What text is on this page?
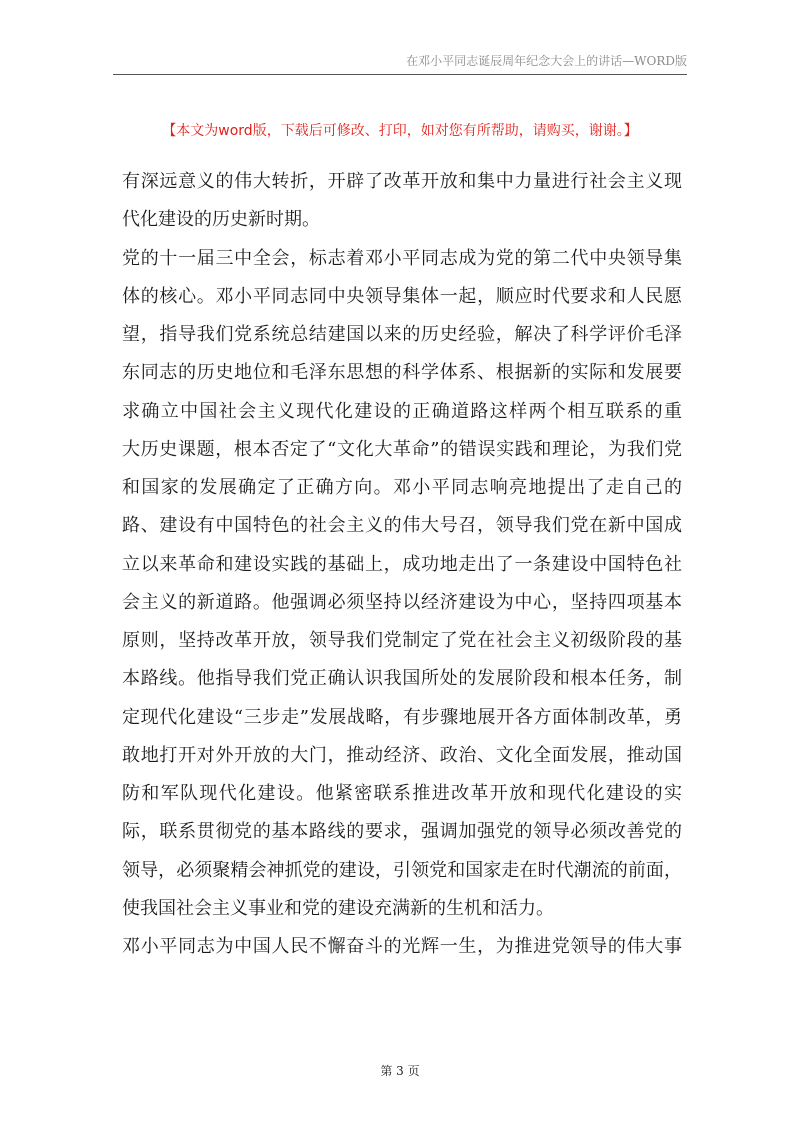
在邓小平同志诞辰周年纪念大会上的讲话—WORD版
【本文为word版，下载后可修改、打印，如对您有所帮助，请购买，谢谢。】
有深远意义的伟大转折，开辟了改革开放和集中力量进行社会主义现
代化建设的历史新时期。
党的十一届三中全会，标志着邓小平同志成为党的第二代中央领导集
体的核心。邓小平同志同中央领导集体一起，顺应时代要求和人民愿
望，指导我们党系统总结建国以来的历史经验，解决了科学评价毛泽
东同志的历史地位和毛泽东思想的科学体系、根据新的实际和发展要
求确立中国社会主义现代化建设的正确道路这样两个相互联系的重
大历史课题，根本否定了“文化大革命”的错误实践和理论，为我们党
和国家的发展确定了正确方向。邓小平同志响亮地提出了走自己的
路、建设有中国特色的社会主义的伟大号召，领导我们党在新中国成
立以来革命和建设实践的基础上，成功地走出了一条建设中国特色社
会主义的新道路。他强调必须坚持以经济建设为中心，坚持四项基本
原则，坚持改革开放，领导我们党制定了党在社会主义初级阶段的基
本路线。他指导我们党正确认识我国所处的发展阶段和根本任务，制
定现代化建设“三步走”发展战略，有步骤地展开各方面体制改革，勇
敢地打开对外开放的大门，推动经济、政治、文化全面发展，推动国
防和军队现代化建设。他紧密联系推进改革开放和现代化建设的实
际，联系贯彻党的基本路线的要求，强调加强党的领导必须改善党的
领导，必须聚精会神抓党的建设，引领党和国家走在时代潮流的前面，
使我国社会主义事业和党的建设充满新的生机和活力。
邓小平同志为中国人民不懈奋斗的光辉一生，为推进党领导的伟大事
第 3 页
